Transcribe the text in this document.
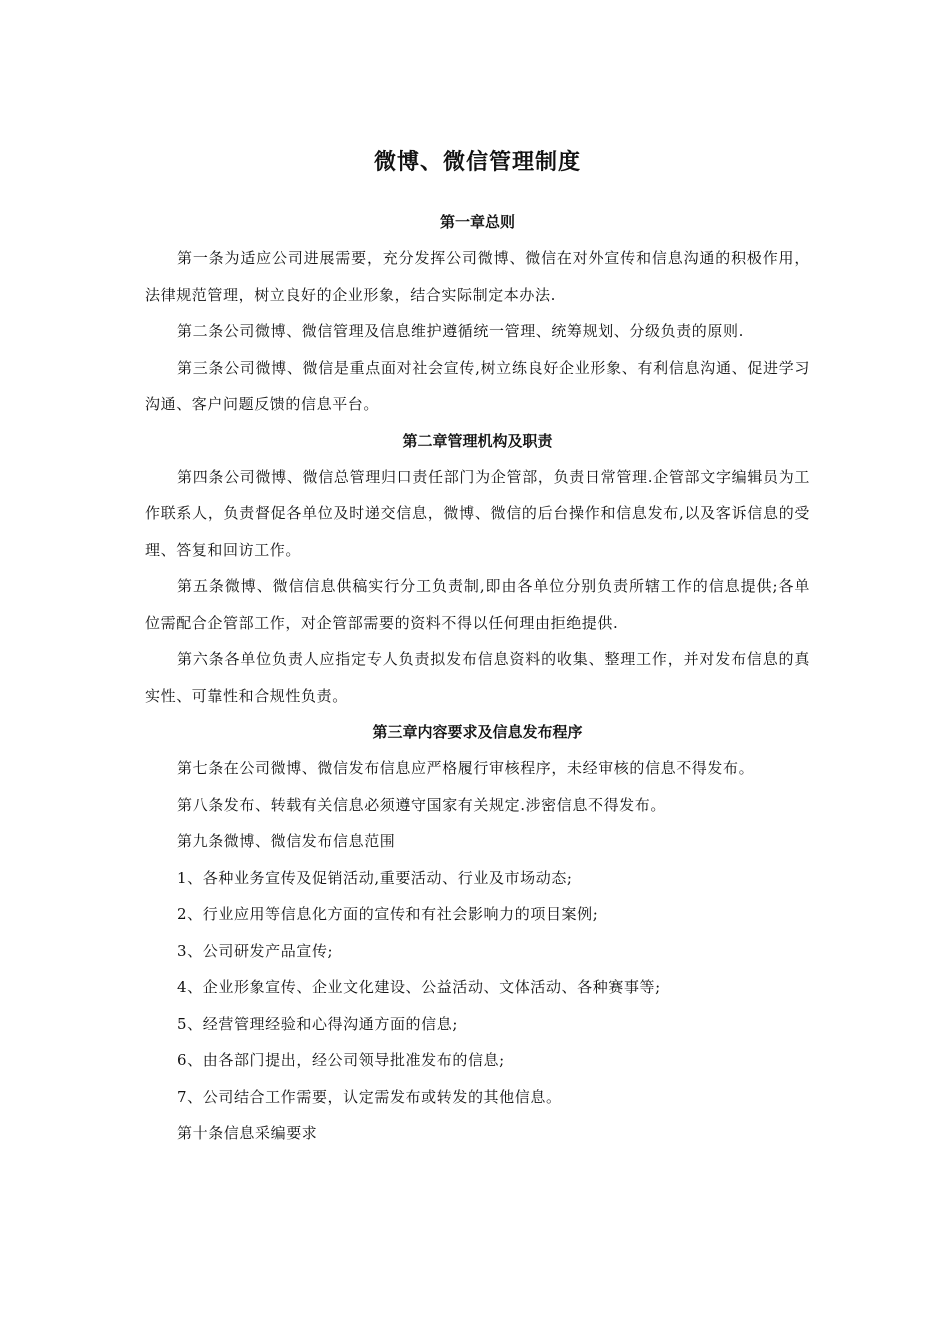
微博、微信管理制度
第一章总则

第一条为适应公司进展需要，充分发挥公司微博、微信在对外宣传和信息沟通的积极作用，法律规范管理，树立良好的企业形象，结合实际制定本办法.

第二条公司微博、微信管理及信息维护遵循统一管理、统筹规划、分级负责的原则.

第三条公司微博、微信是重点面对社会宣传,树立练良好企业形象、有利信息沟通、促进学习沟通、客户问题反馈的信息平台。

第二章管理机构及职责

第四条公司微博、微信总管理归口责任部门为企管部，负责日常管理.企管部文字编辑员为工作联系人，负责督促各单位及时递交信息，微博、微信的后台操作和信息发布,以及客诉信息的受理、答复和回访工作。

第五条微博、微信信息供稿实行分工负责制,即由各单位分别负责所辖工作的信息提供;各单位需配合企管部工作，对企管部需要的资料不得以任何理由拒绝提供.

第六条各单位负责人应指定专人负责拟发布信息资料的收集、整理工作，并对发布信息的真实性、可靠性和合规性负责。

第三章内容要求及信息发布程序

第七条在公司微博、微信发布信息应严格履行审核程序，未经审核的信息不得发布。

第八条发布、转载有关信息必须遵守国家有关规定.涉密信息不得发布。

第九条微博、微信发布信息范围

1、各种业务宣传及促销活动,重要活动、行业及市场动态;

2、行业应用等信息化方面的宣传和有社会影响力的项目案例;

3、公司研发产品宣传;

4、企业形象宣传、企业文化建设、公益活动、文体活动、各种赛事等;

5、经营管理经验和心得沟通方面的信息;

6、由各部门提出，经公司领导批准发布的信息;

7、公司结合工作需要，认定需发布或转发的其他信息。

第十条信息采编要求
